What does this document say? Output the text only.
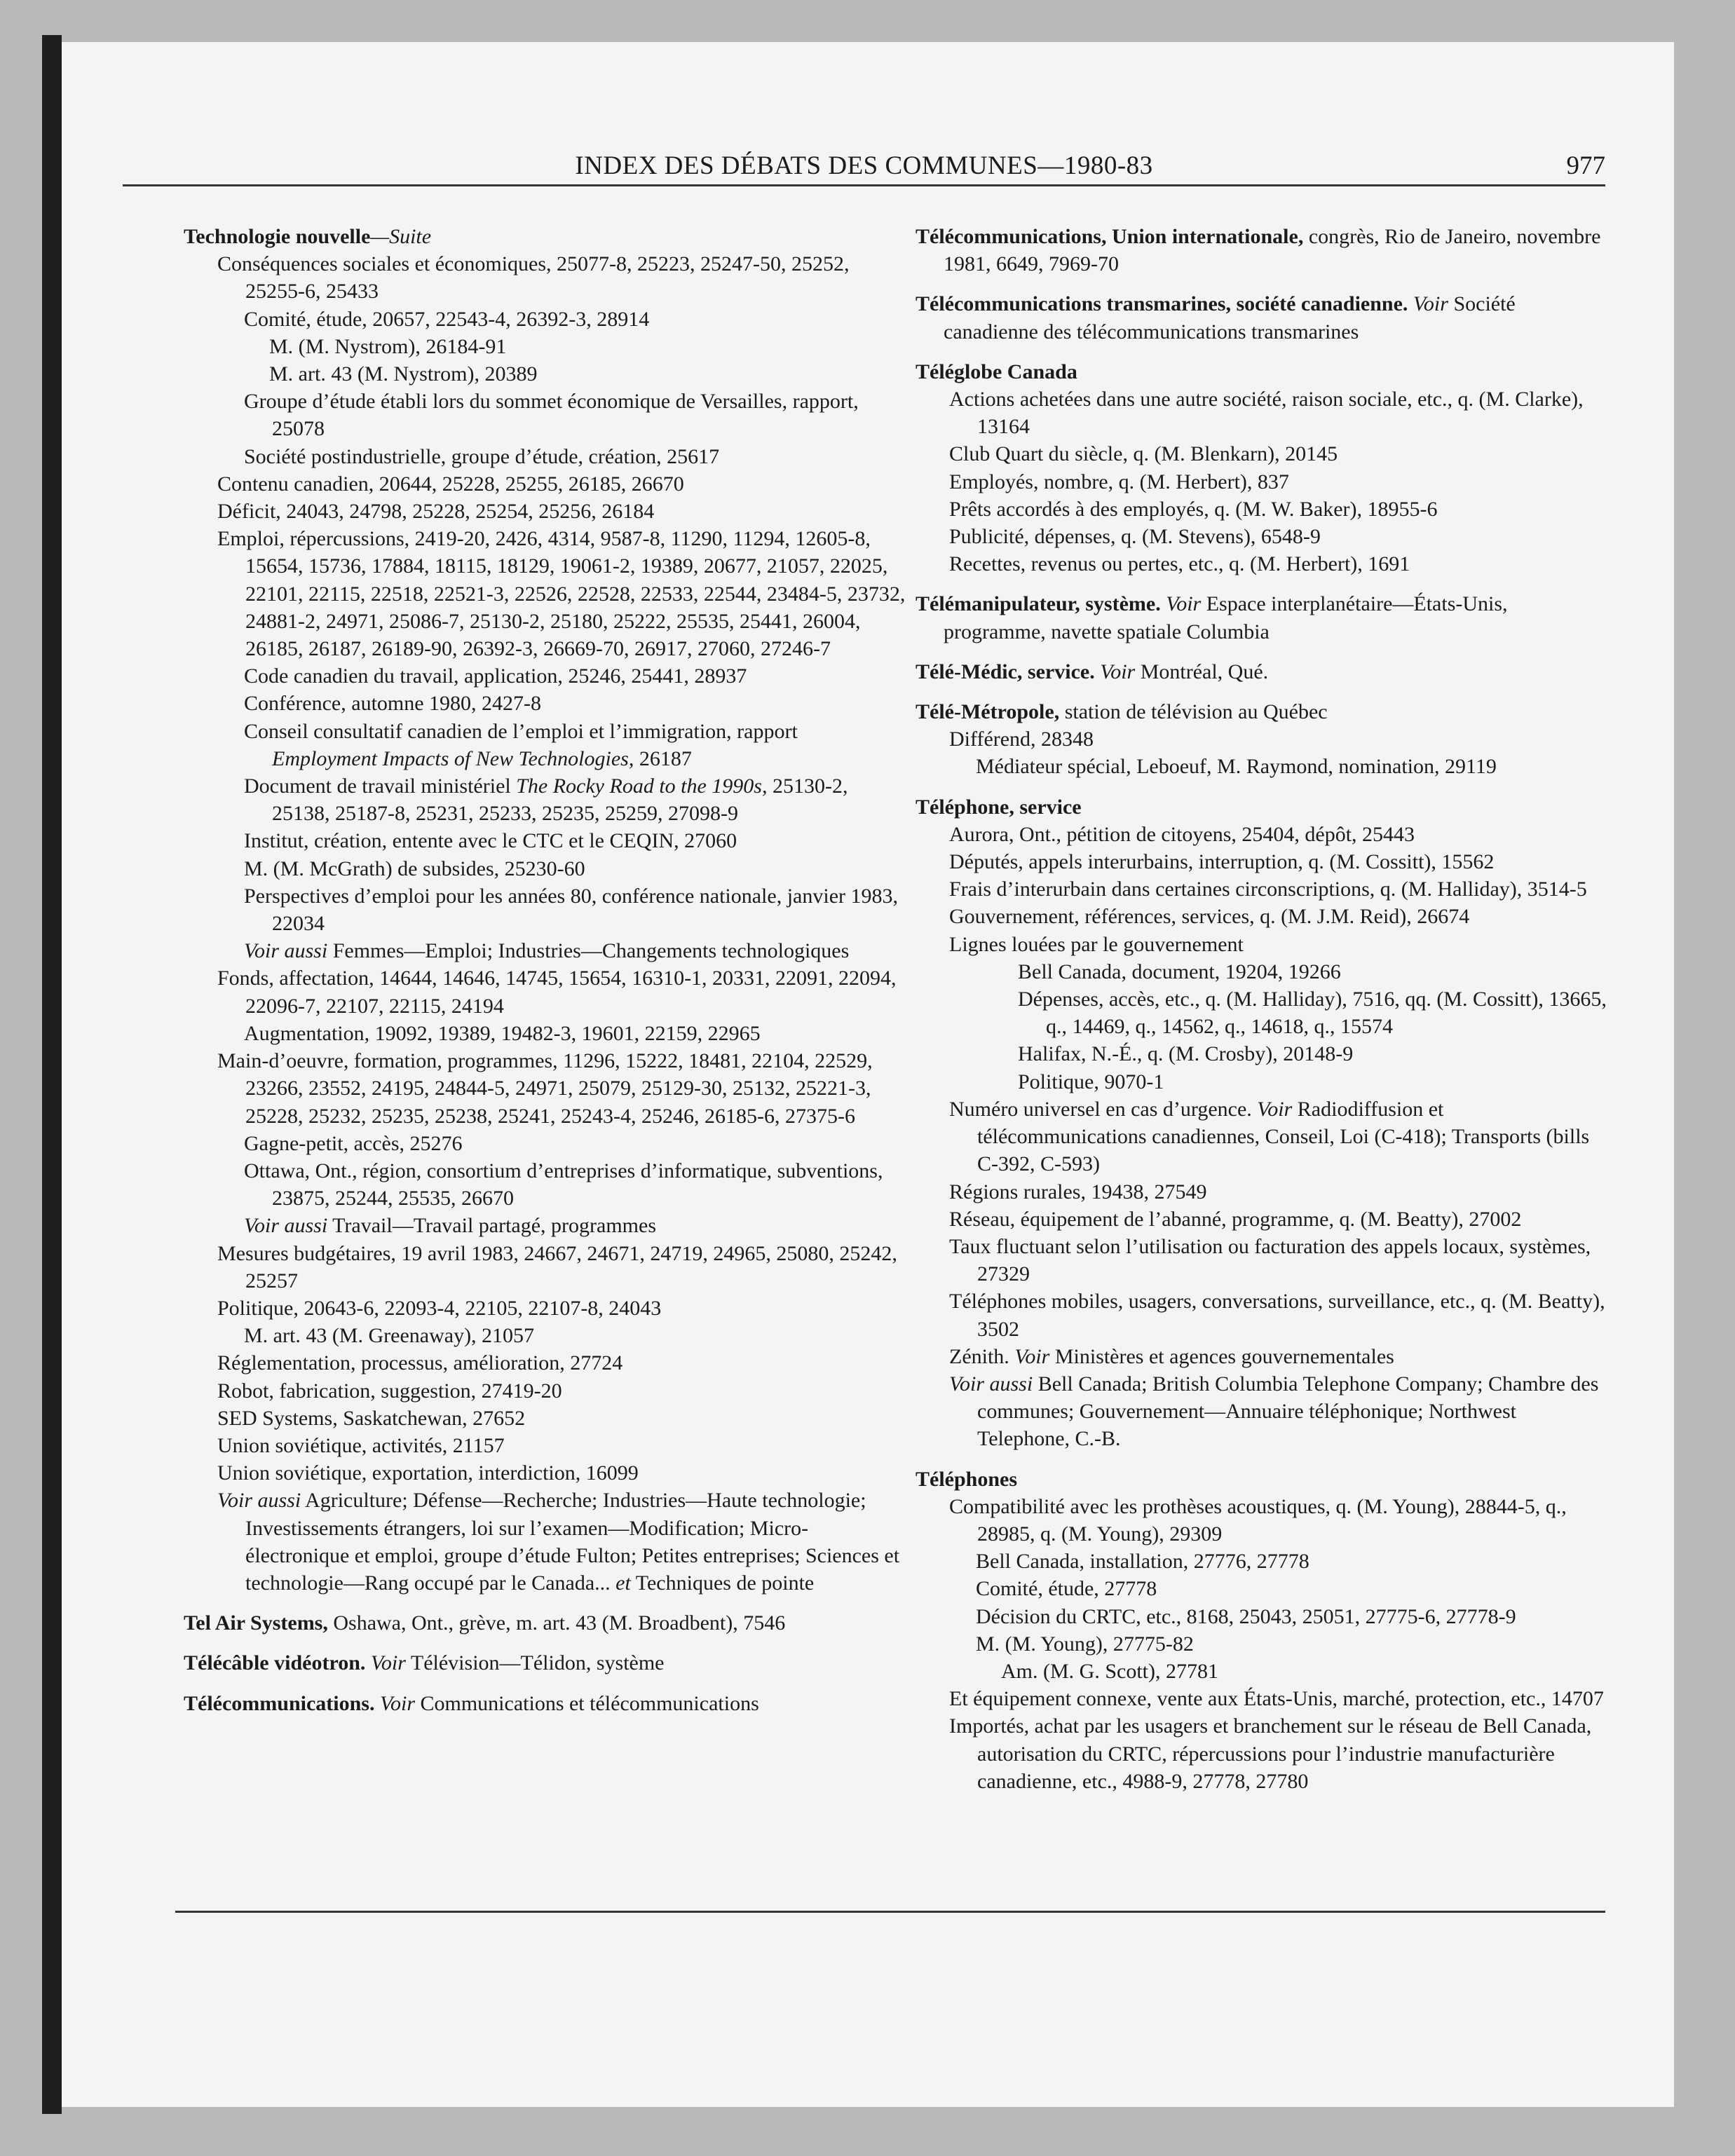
INDEX DES DÉBATS DES COMMUNES—1980-83	977
Technologie nouvelle—Suite
Conséquences sociales et économiques, 25077-8, 25223, 25247-50, 25252, 25255-6, 25433
Comité, étude, 20657, 22543-4, 26392-3, 28914
M. (M. Nystrom), 26184-91
M. art. 43 (M. Nystrom), 20389
Groupe d’étude établi lors du sommet économique de Versailles, rapport, 25078
Société postindustrielle, groupe d’étude, création, 25617
Contenu canadien, 20644, 25228, 25255, 26185, 26670
Déficit, 24043, 24798, 25228, 25254, 25256, 26184
Emploi, répercussions, 2419-20, 2426, 4314, 9587-8, 11290, 11294, 12605-8, 15654, 15736, 17884, 18115, 18129, 19061-2, 19389, 20677, 21057, 22025, 22101, 22115, 22518, 22521-3, 22526, 22528, 22533, 22544, 23484-5, 23732, 24881-2, 24971, 25086-7, 25130-2, 25180, 25222, 25535, 25441, 26004, 26185, 26187, 26189-90, 26392-3, 26669-70, 26917, 27060, 27246-7
Code canadien du travail, application, 25246, 25441, 28937
Conférence, automne 1980, 2427-8
Conseil consultatif canadien de l’emploi et l’immigration, rapport Employment Impacts of New Technologies, 26187
Document de travail ministériel The Rocky Road to the 1990s, 25130-2, 25138, 25187-8, 25231, 25233, 25235, 25259, 27098-9
Institut, création, entente avec le CTC et le CEQIN, 27060
M. (M. McGrath) de subsides, 25230-60
Perspectives d’emploi pour les années 80, conférence nationale, janvier 1983, 22034
Voir aussi Femmes—Emploi; Industries—Changements technologiques
Fonds, affectation, 14644, 14646, 14745, 15654, 16310-1, 20331, 22091, 22094, 22096-7, 22107, 22115, 24194
Augmentation, 19092, 19389, 19482-3, 19601, 22159, 22965
Main-d’oeuvre, formation, programmes, 11296, 15222, 18481, 22104, 22529, 23266, 23552, 24195, 24844-5, 24971, 25079, 25129-30, 25132, 25221-3, 25228, 25232, 25235, 25238, 25241, 25243-4, 25246, 26185-6, 27375-6
Gagne-petit, accès, 25276
Ottawa, Ont., région, consortium d’entreprises d’informatique, subventions, 23875, 25244, 25535, 26670
Voir aussi Travail—Travail partagé, programmes
Mesures budgétaires, 19 avril 1983, 24667, 24671, 24719, 24965, 25080, 25242, 25257
Politique, 20643-6, 22093-4, 22105, 22107-8, 24043
M. art. 43 (M. Greenaway), 21057
Réglementation, processus, amélioration, 27724
Robot, fabrication, suggestion, 27419-20
SED Systems, Saskatchewan, 27652
Union soviétique, activités, 21157
Union soviétique, exportation, interdiction, 16099
Voir aussi Agriculture; Défense—Recherche; Industries—Haute technologie; Investissements étrangers, loi sur l’examen—Modification; Micro-électronique et emploi, groupe d’étude Fulton; Petites entreprises; Sciences et technologie—Rang occupé par le Canada... et Techniques de pointe
Tel Air Systems, Oshawa, Ont., grève, m. art. 43 (M. Broadbent), 7546
Télécâble vidéotron. Voir Télévision—Télidon, système
Télécommunications. Voir Communications et télécommunications
Télécommunications, Union internationale, congrès, Rio de Janeiro, novembre 1981, 6649, 7969-70
Télécommunications transmarines, société canadienne. Voir Société canadienne des télécommunications transmarines
Téléglobe Canada
Actions achetées dans une autre société, raison sociale, etc., q. (M. Clarke), 13164
Club Quart du siècle, q. (M. Blenkarn), 20145
Employés, nombre, q. (M. Herbert), 837
Prêts accordés à des employés, q. (M. W. Baker), 18955-6
Publicité, dépenses, q. (M. Stevens), 6548-9
Recettes, revenus ou pertes, etc., q. (M. Herbert), 1691
Télémanipulateur, système. Voir Espace interplanétaire—États-Unis, programme, navette spatiale Columbia
Télé-Médic, service. Voir Montréal, Qué.
Télé-Métropole, station de télévision au Québec
Différend, 28348
Médiateur spécial, Leboeuf, M. Raymond, nomination, 29119
Téléphone, service
Aurora, Ont., pétition de citoyens, 25404, dépôt, 25443
Députés, appels interurbains, interruption, q. (M. Cossitt), 15562
Frais d’interurbain dans certaines circonscriptions, q. (M. Halliday), 3514-5
Gouvernement, références, services, q. (M. J.M. Reid), 26674
Lignes louées par le gouvernement
Bell Canada, document, 19204, 19266
Dépenses, accès, etc., q. (M. Halliday), 7516, qq. (M. Cossitt), 13665, q., 14469, q., 14562, q., 14618, q., 15574
Halifax, N.-É., q. (M. Crosby), 20148-9
Politique, 9070-1
Numéro universel en cas d’urgence. Voir Radiodiffusion et télécommunications canadiennes, Conseil, Loi (C-418); Transports (bills C-392, C-593)
Régions rurales, 19438, 27549
Réseau, équipement de l’abanné, programme, q. (M. Beatty), 27002
Taux fluctuant selon l’utilisation ou facturation des appels locaux, systèmes, 27329
Téléphones mobiles, usagers, conversations, surveillance, etc., q. (M. Beatty), 3502
Zénith. Voir Ministères et agences gouvernementales
Voir aussi Bell Canada; British Columbia Telephone Company; Chambre des communes; Gouvernement—Annuaire téléphonique; Northwest Telephone, C.-B.
Téléphones
Compatibilité avec les prothèses acoustiques, q. (M. Young), 28844-5, q., 28985, q. (M. Young), 29309
Bell Canada, installation, 27776, 27778
Comité, étude, 27778
Décision du CRTC, etc., 8168, 25043, 25051, 27775-6, 27778-9
M. (M. Young), 27775-82
Am. (M. G. Scott), 27781
Et équipement connexe, vente aux États-Unis, marché, protection, etc., 14707
Importés, achat par les usagers et branchement sur le réseau de Bell Canada, autorisation du CRTC, répercussions pour l’industrie manufacturière canadienne, etc., 4988-9, 27778, 27780
